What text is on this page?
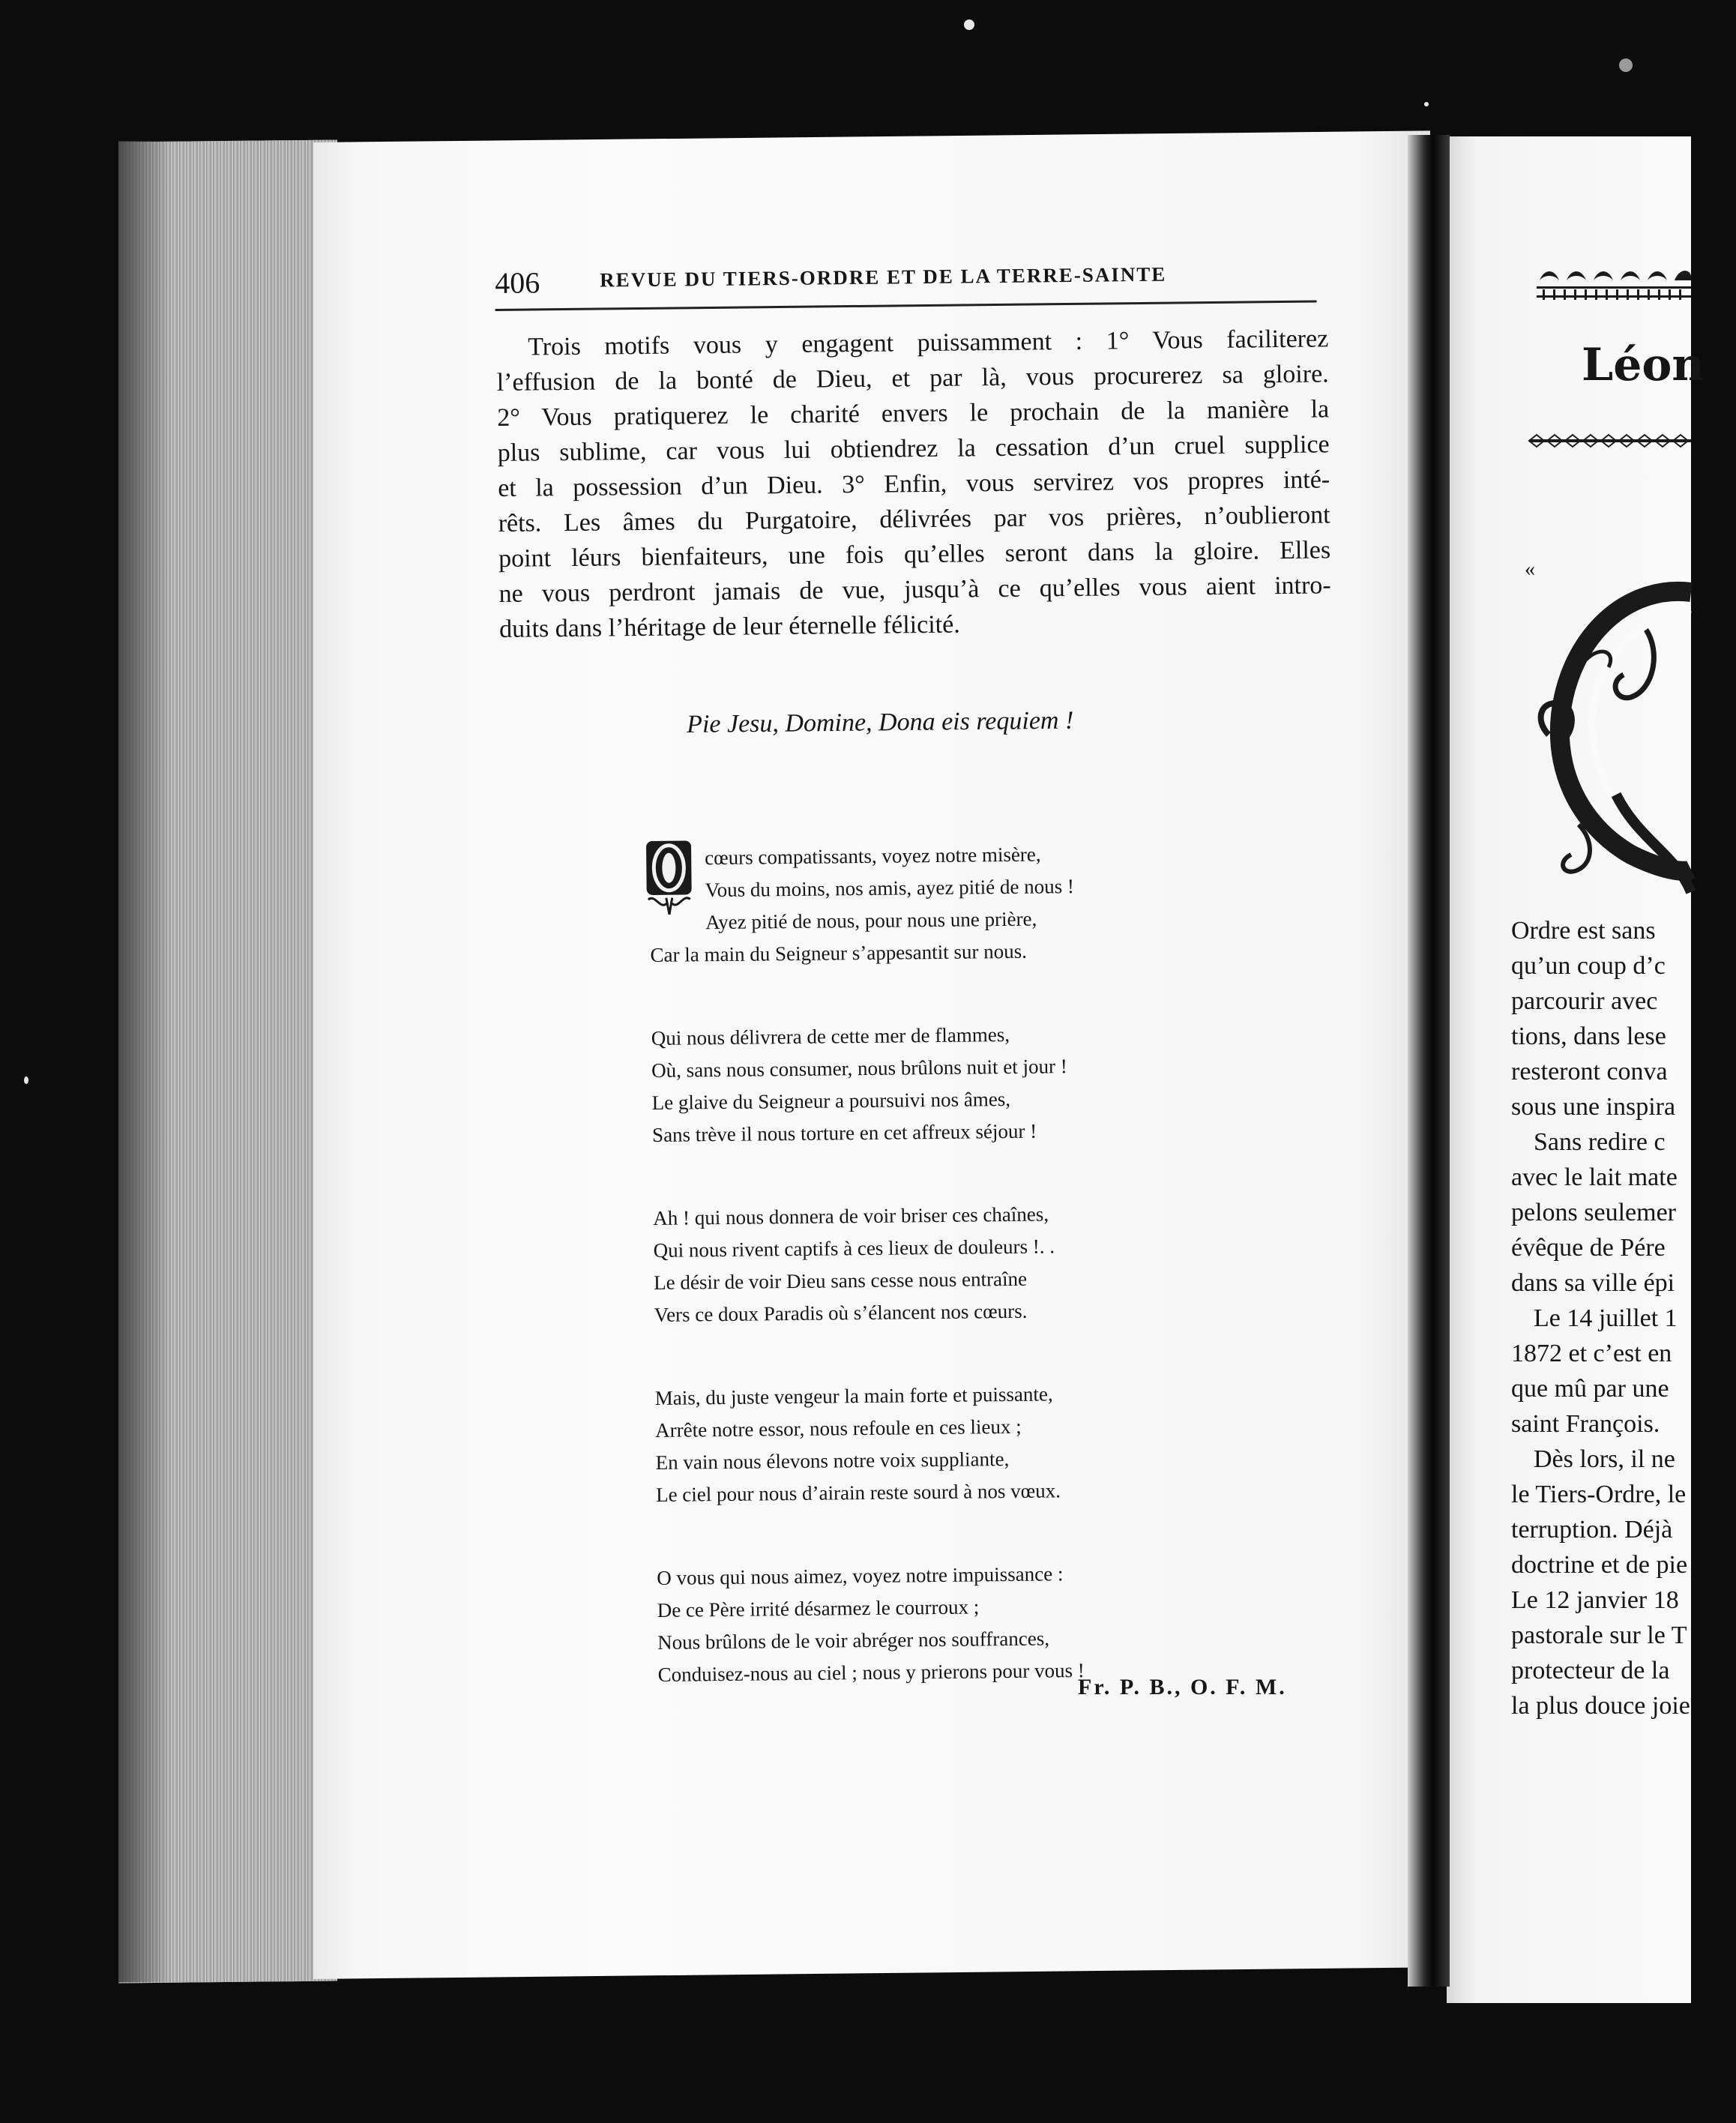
406	REVUE DU TIERS-ORDRE ET DE LA TERRE-SAINTE
Trois motifs vous y engagent puissamment : 1° Vous faciliterez
l’effusion de la bonté de Dieu, et par là, vous procurerez sa gloire.
2° Vous pratiquerez le charité envers le prochain de la manière la
plus sublime, car vous lui obtiendrez la cessation d’un cruel supplice
et la possession d’un Dieu. 3° Enfin, vous servirez vos propres inté-
rêts. Les âmes du Purgatoire, délivrées par vos prières, n’oublieront
point léurs bienfaiteurs, une fois qu’elles seront dans la gloire. Elles
ne vous perdront jamais de vue, jusqu’à ce qu’elles vous aient intro-
duits dans l’héritage de leur éternelle félicité.
Pie Jesu, Domine, Dona eis requiem !
cœurs compatissants, voyez notre misère,
Vous du moins, nos amis, ayez pitié de nous !
Ayez pitié de nous, pour nous une prière,
Car la main du Seigneur s’appesantit sur nous.
Qui nous délivrera de cette mer de flammes,
Où, sans nous consumer, nous brûlons nuit et jour !
Le glaive du Seigneur a poursuivi nos âmes,
Sans trève il nous torture en cet affreux séjour !
Ah ! qui nous donnera de voir briser ces chaînes,
Qui nous rivent captifs à ces lieux de douleurs !. .
Le désir de voir Dieu sans cesse nous entraîne
Vers ce doux Paradis où s’élancent nos cœurs.
Mais, du juste vengeur la main forte et puissante,
Arrête notre essor, nous refoule en ces lieux ;
En vain nous élevons notre voix suppliante,
Le ciel pour nous d’airain reste sourd à nos vœux.
O vous qui nous aimez, voyez notre impuissance :
De ce Père irrité désarmez le courroux ;
Nous brûlons de le voir abréger nos souffrances,
Conduisez-nous au ciel ; nous y prierons pour vous !
Fr. P. B., O. F. M.
Léon
«
Ordre est sans
qu’un coup d’c
parcourir avec
tions, dans lese
resteront conva
sous une inspira
Sans redire c
avec le lait mate
pelons seulemer
évêque de Pére
dans sa ville épi
Le 14 juillet 1
1872 et c’est en
que mû par une
saint François.
Dès lors, il ne
le Tiers-Ordre, le
terruption. Déjà
doctrine et de pie
Le 12 janvier 18
pastorale sur le T
protecteur de la
la plus douce joie
